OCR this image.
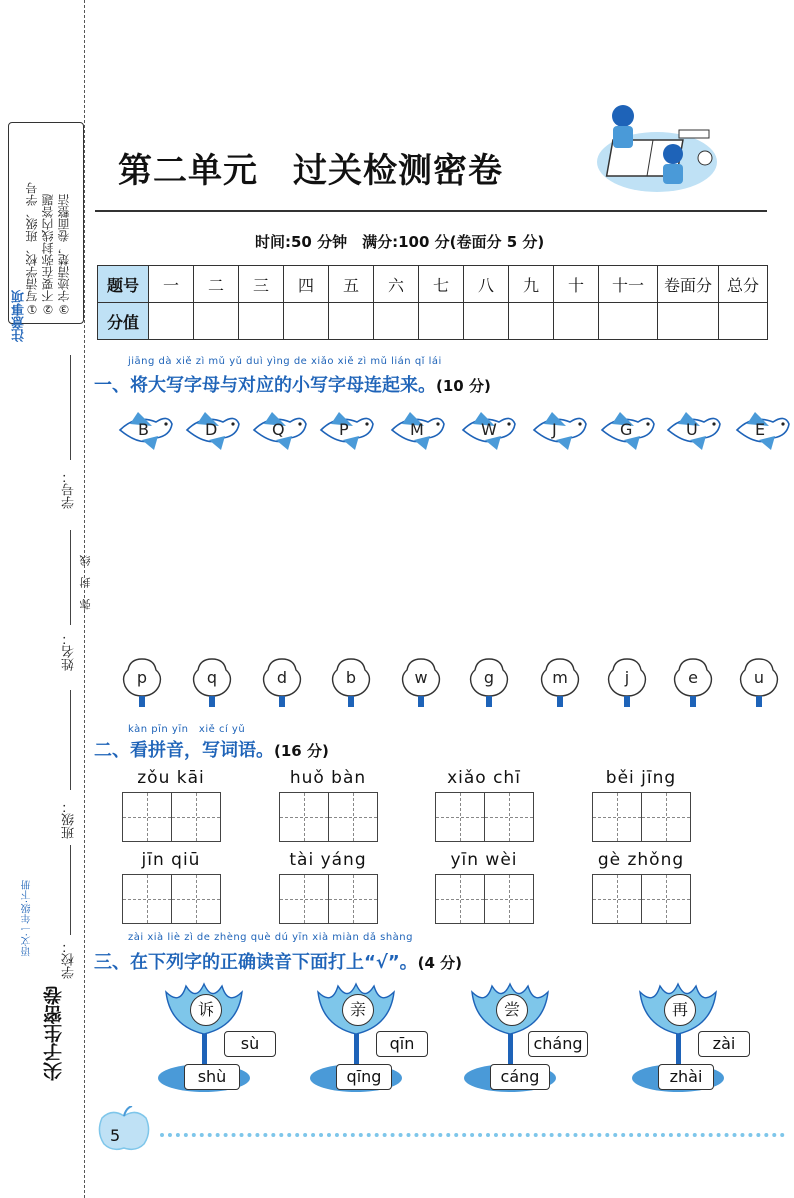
注意事项
①写清学校、班级、学号 ②不要在弥封线内答题 ③字迹清楚，卷面整洁
学号：
姓名：
班级：
学校：
弥　封　线
语文·一年级·下册
尖子生密卷
第二单元　过关检测密卷
时间:50 分钟　满分:100 分(卷面分 5 分)
题号	一	二	三	四	五	六	七	八	九	十	十一	卷面分	总分
分值													
jiāng dà xiě zì mǔ yǔ duì yìng de xiǎo xiě zì mǔ lián qǐ lái
一、将大写字母与对应的小写字母连起来。(10 分)
B	D	Q	P	M	W	J	G	U	E
p	q	d	b	w	g	m	j	e	u
kàn pīn yīn　xiě cí yǔ
二、看拼音，写词语。(16 分)
zǒu kāi	huǒ bàn	xiǎo chī	běi jīng
jīn qiū	tài yáng	yīn wèi	gè zhǒng
zài xià liè zì de zhèng què dú yīn xià miàn dǎ shàng
三、在下列字的正确读音下面打上“√”。(4 分)
诉
sù
shù
亲
qīn
qīng
尝
cháng
cáng
再
zài
zhài
5
